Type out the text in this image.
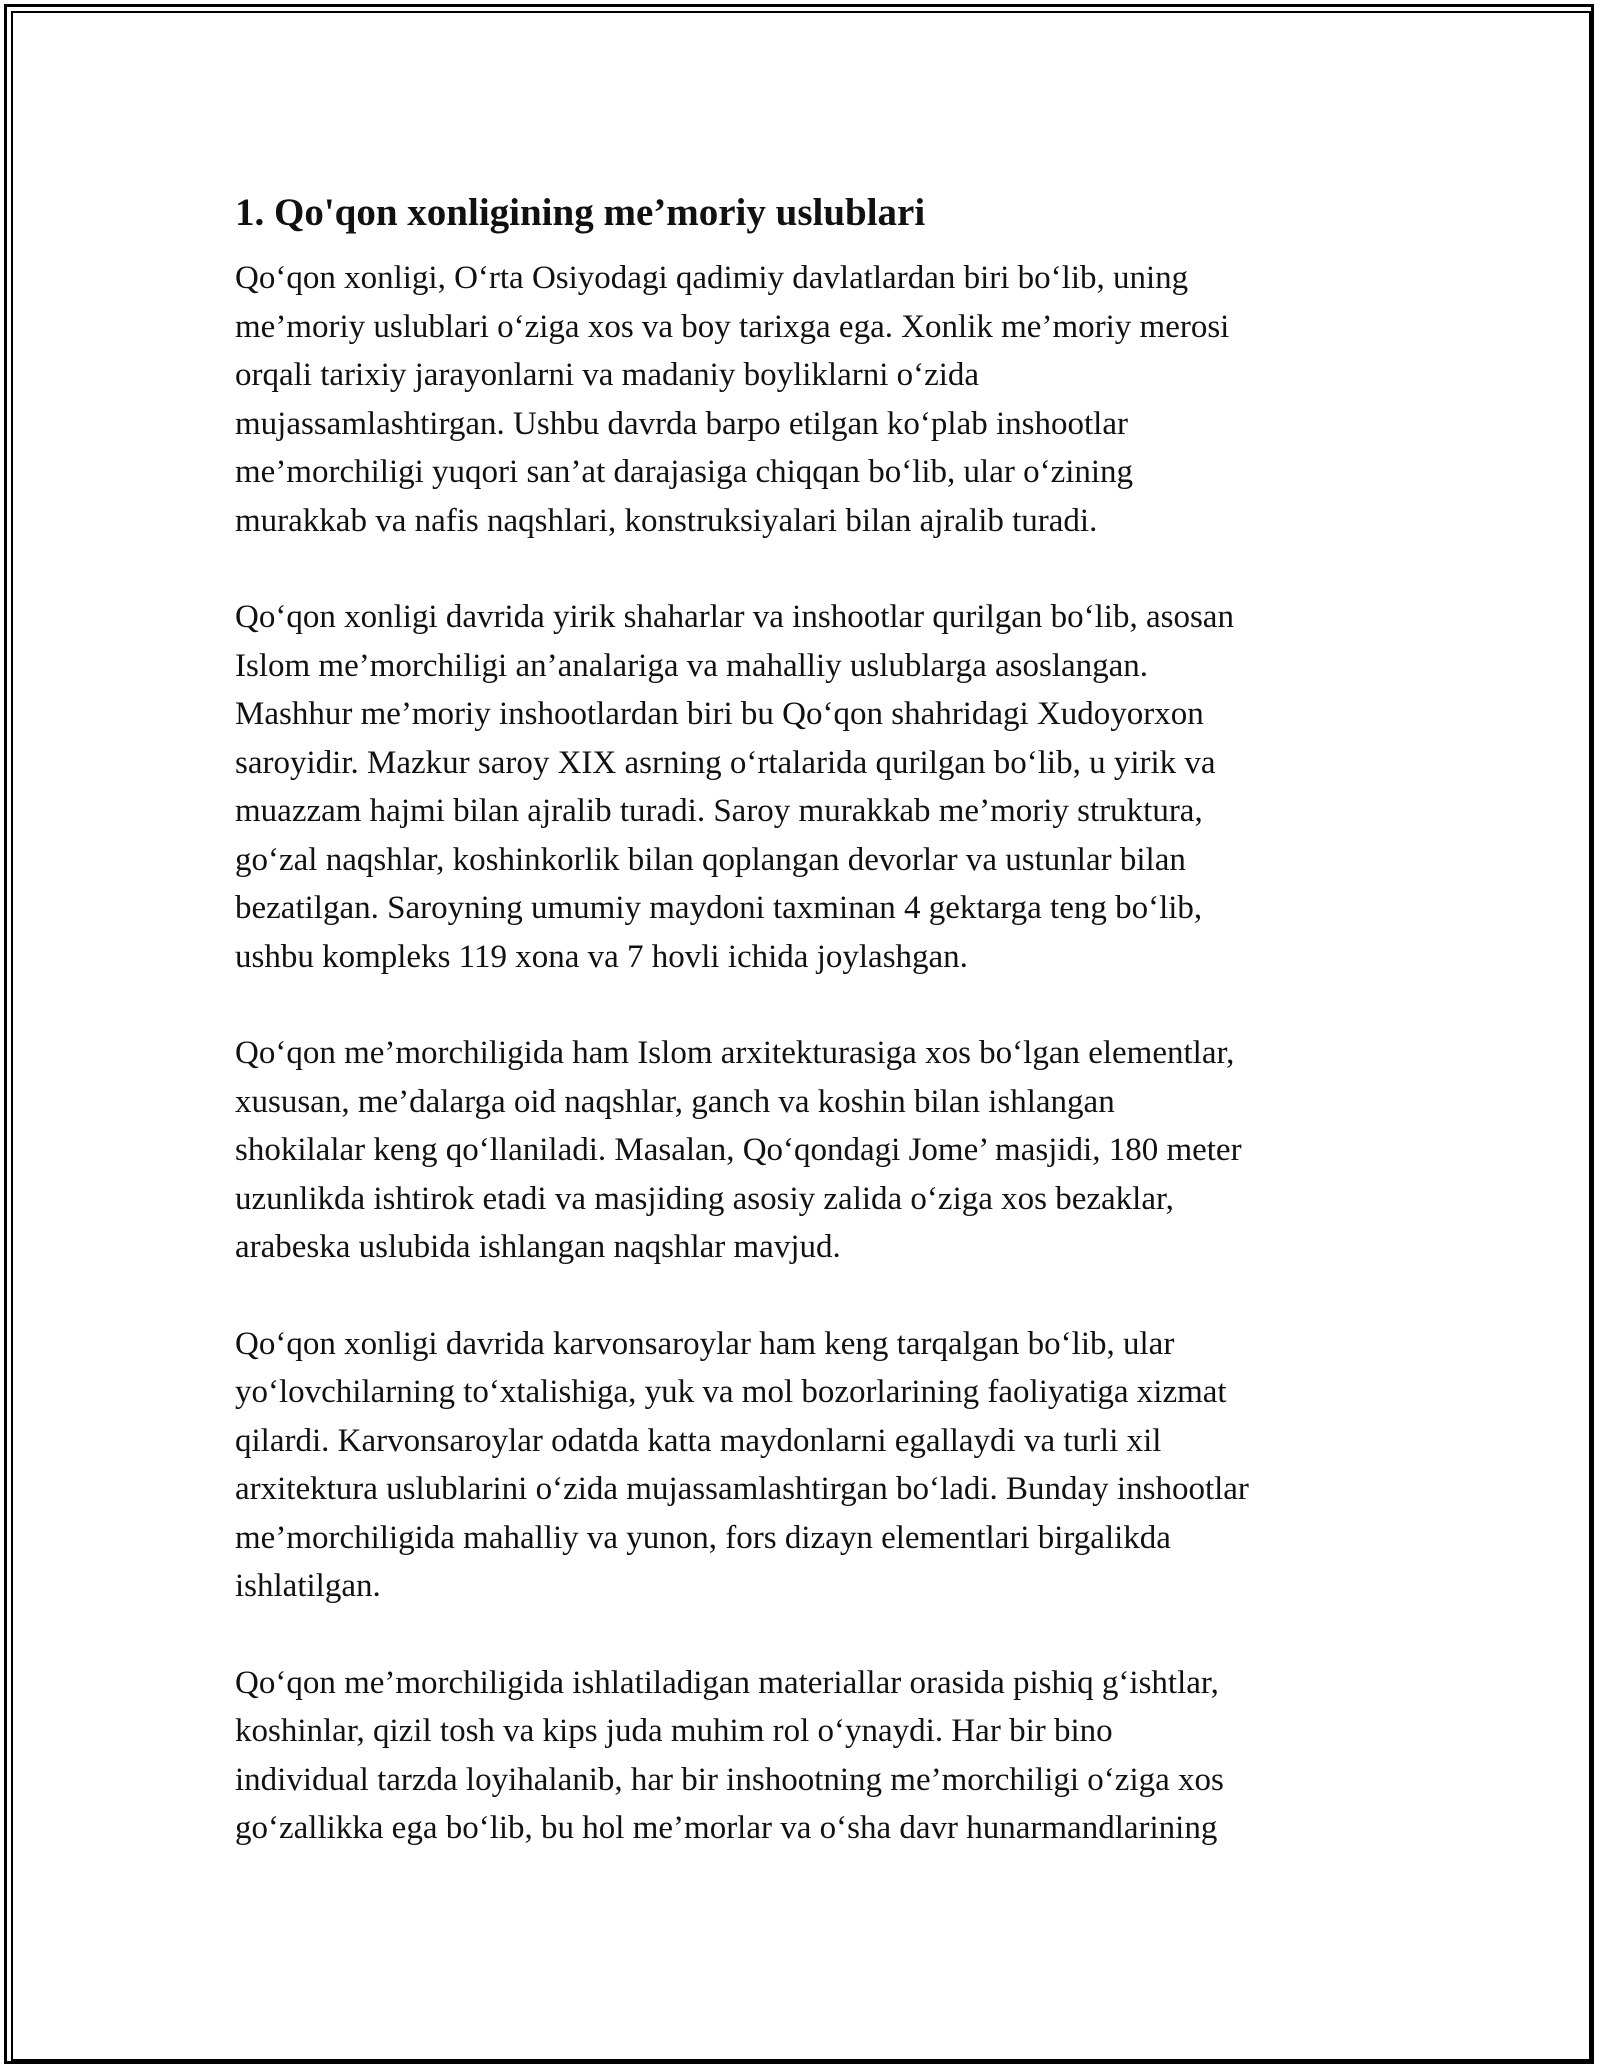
1. Qo'qon xonligining me’moriy uslublari

Qo‘qon xonligi, O‘rta Osiyodagi qadimiy davlatlardan biri bo‘lib, uning
me’moriy uslublari o‘ziga xos va boy tarixga ega. Xonlik me’moriy merosi
orqali tarixiy jarayonlarni va madaniy boyliklarni o‘zida
mujassamlashtirgan. Ushbu davrda barpo etilgan ko‘plab inshootlar
me’morchiligi yuqori san’at darajasiga chiqqan bo‘lib, ular o‘zining
murakkab va nafis naqshlari, konstruksiyalari bilan ajralib turadi.

Qo‘qon xonligi davrida yirik shaharlar va inshootlar qurilgan bo‘lib, asosan
Islom me’morchiligi an’analariga va mahalliy uslublarga asoslangan.
Mashhur me’moriy inshootlardan biri bu Qo‘qon shahridagi Xudoyorxon
saroyidir. Mazkur saroy XIX asrning o‘rtalarida qurilgan bo‘lib, u yirik va
muazzam hajmi bilan ajralib turadi. Saroy murakkab me’moriy struktura,
go‘zal naqshlar, koshinkorlik bilan qoplangan devorlar va ustunlar bilan
bezatilgan. Saroyning umumiy maydoni taxminan 4 gektarga teng bo‘lib,
ushbu kompleks 119 xona va 7 hovli ichida joylashgan.

Qo‘qon me’morchiligida ham Islom arxitekturasiga xos bo‘lgan elementlar,
xususan, me’dalarga oid naqshlar, ganch va koshin bilan ishlangan
shokilalar keng qo‘llaniladi. Masalan, Qo‘qondagi Jome’ masjidi, 180 meter
uzunlikda ishtirok etadi va masjiding asosiy zalida o‘ziga xos bezaklar,
arabeska uslubida ishlangan naqshlar mavjud.

Qo‘qon xonligi davrida karvonsaroylar ham keng tarqalgan bo‘lib, ular
yo‘lovchilarning to‘xtalishiga, yuk va mol bozorlarining faoliyatiga xizmat
qilardi. Karvonsaroylar odatda katta maydonlarni egallaydi va turli xil
arxitektura uslublarini o‘zida mujassamlashtirgan bo‘ladi. Bunday inshootlar
me’morchiligida mahalliy va yunon, fors dizayn elementlari birgalikda
ishlatilgan.

Qo‘qon me’morchiligida ishlatiladigan materiallar orasida pishiq g‘ishtlar,
koshinlar, qizil tosh va kips juda muhim rol o‘ynaydi. Har bir bino
individual tarzda loyihalanib, har bir inshootning me’morchiligi o‘ziga xos
go‘zallikka ega bo‘lib, bu hol me’morlar va o‘sha davr hunarmandlarining
